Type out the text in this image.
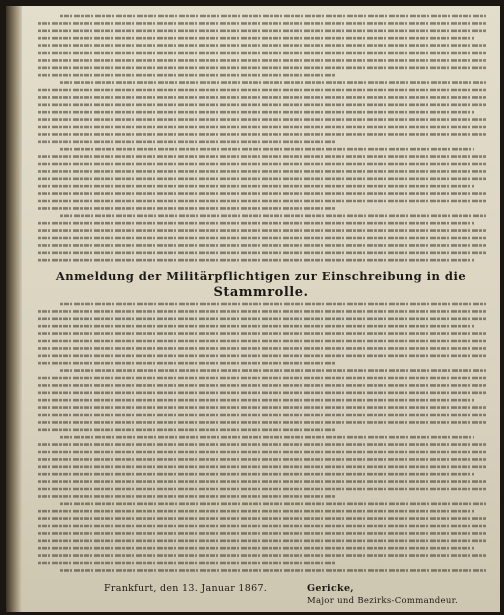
Anmeldung der Militärpflichtigen zur Einschreibung in die
Stammrolle.
Frankfurt, den 13. Januar 1867.	Gericke,
Major und Bezirks-Commandeur.
